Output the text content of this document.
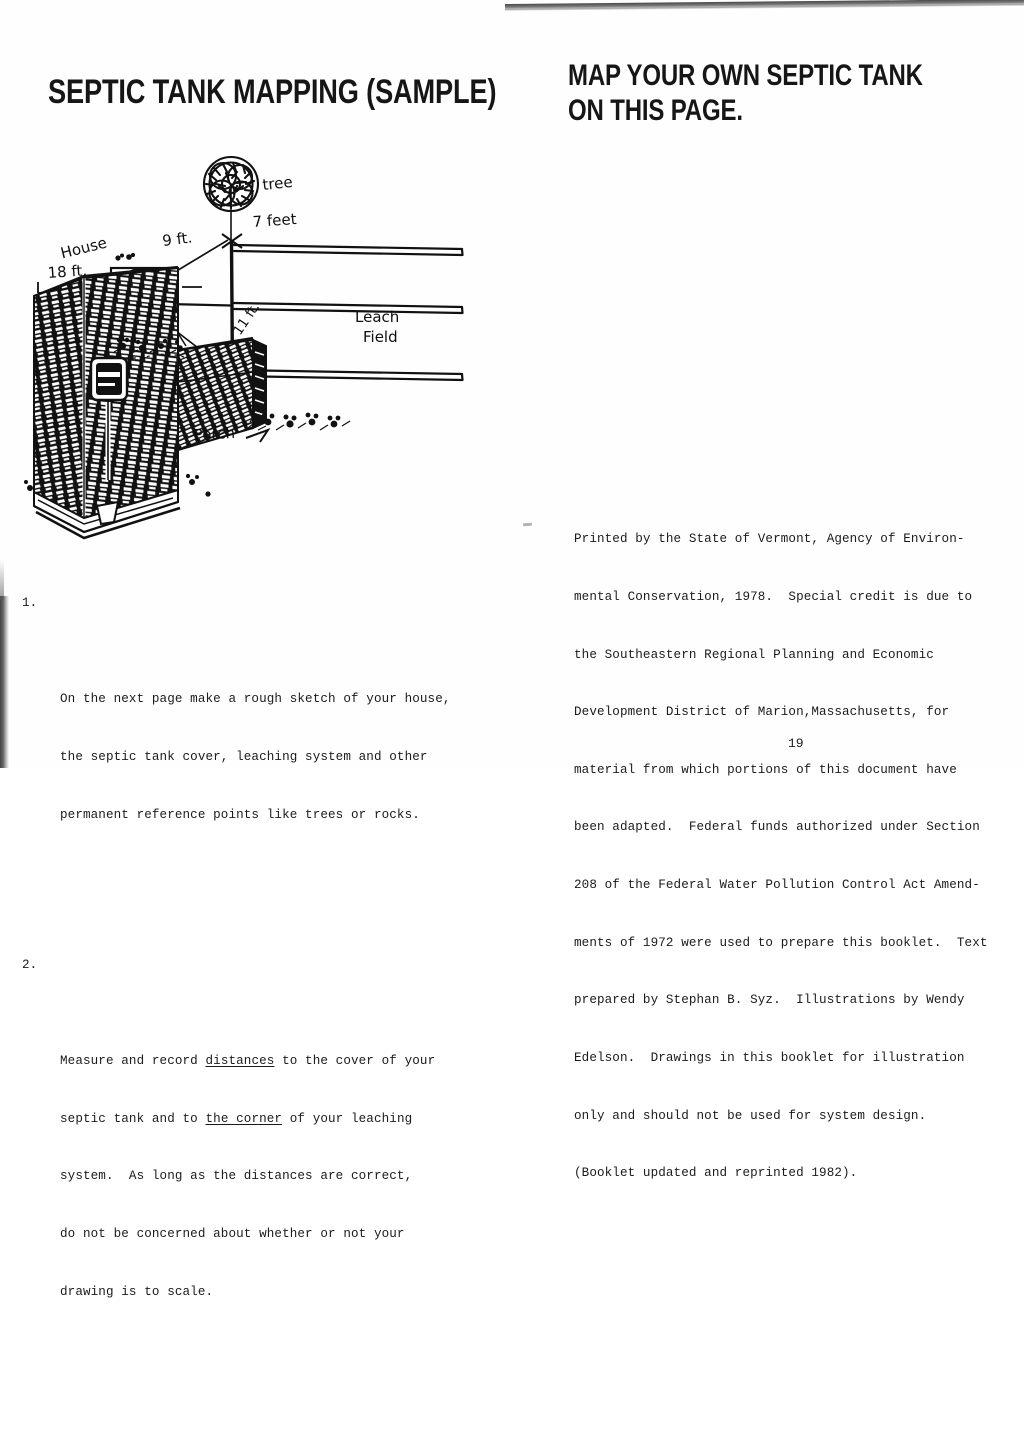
SEPTIC TANK MAPPING (SAMPLE)
tree
Leach
Field
7 feet
9 ft.
11 ft.
18 ft.
House
Porch

1.

On the next page make a rough sketch of your house,

the septic tank cover, leaching system and other

permanent reference points like trees or rocks.

2.

Measure and record distances to the cover of your

septic tank and to the corner of your leaching

system.  As long as the distances are correct,

do not be concerned about whether or not your

drawing is to scale.

MAP YOUR OWN SEPTIC TANK
ON THIS PAGE.

Printed by the State of Vermont, Agency of Environ-

mental Conservation, 1978.  Special credit is due to

the Southeastern Regional Planning and Economic

Development District of Marion,Massachusetts, for

material from which portions of this document have

been adapted.  Federal funds authorized under Section

208 of the Federal Water Pollution Control Act Amend-

ments of 1972 were used to prepare this booklet.  Text

prepared by Stephan B. Syz.  Illustrations by Wendy

Edelson.  Drawings in this booklet for illustration

only and should not be used for system design.

(Booklet updated and reprinted 1982).

19
